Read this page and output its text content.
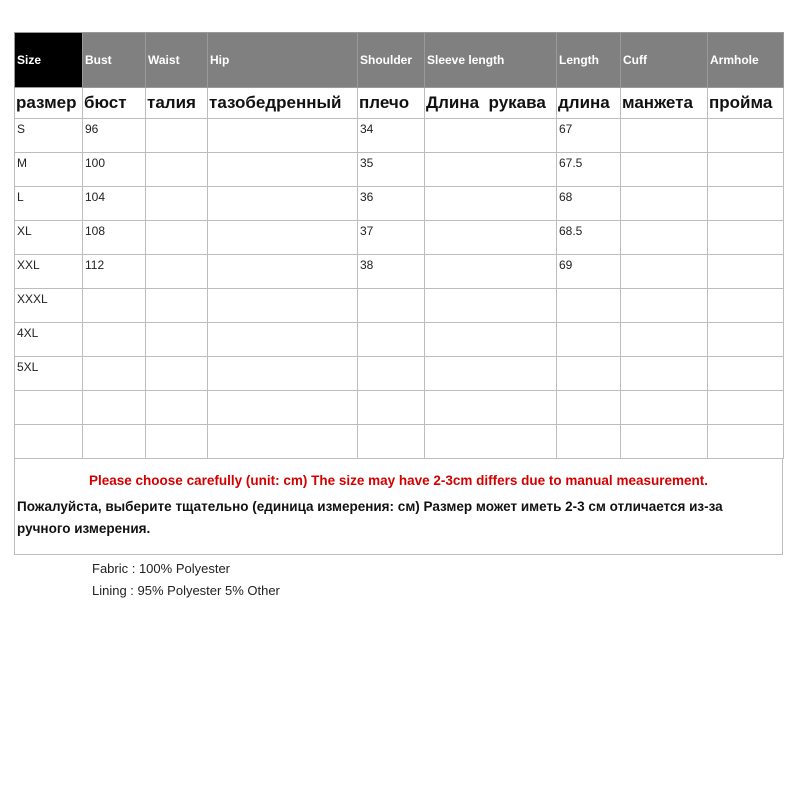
Size	Bust	Waist	Hip	Shoulder	Sleeve length	Length	Cuff	Armhole
размер	бюст	талия	тазобедренный	плечо	Длина  рукава	длина	манжета	пройма
S	96			34		67		
M	100			35		67.5		
L	104			36		68		
XL	108			37		68.5		
XXL	112			38		69		
XXXL								
4XL								
5XL								

Please choose carefully (unit: cm) The size may have 2-3cm differs due to manual measurement.
Пожалуйста, выберите тщательно (единица измерения: см) Размер может иметь 2-3 см отличается из-за ручного измерения.
Fabric : 100% Polyester
Lining : 95% Polyester 5% Other
